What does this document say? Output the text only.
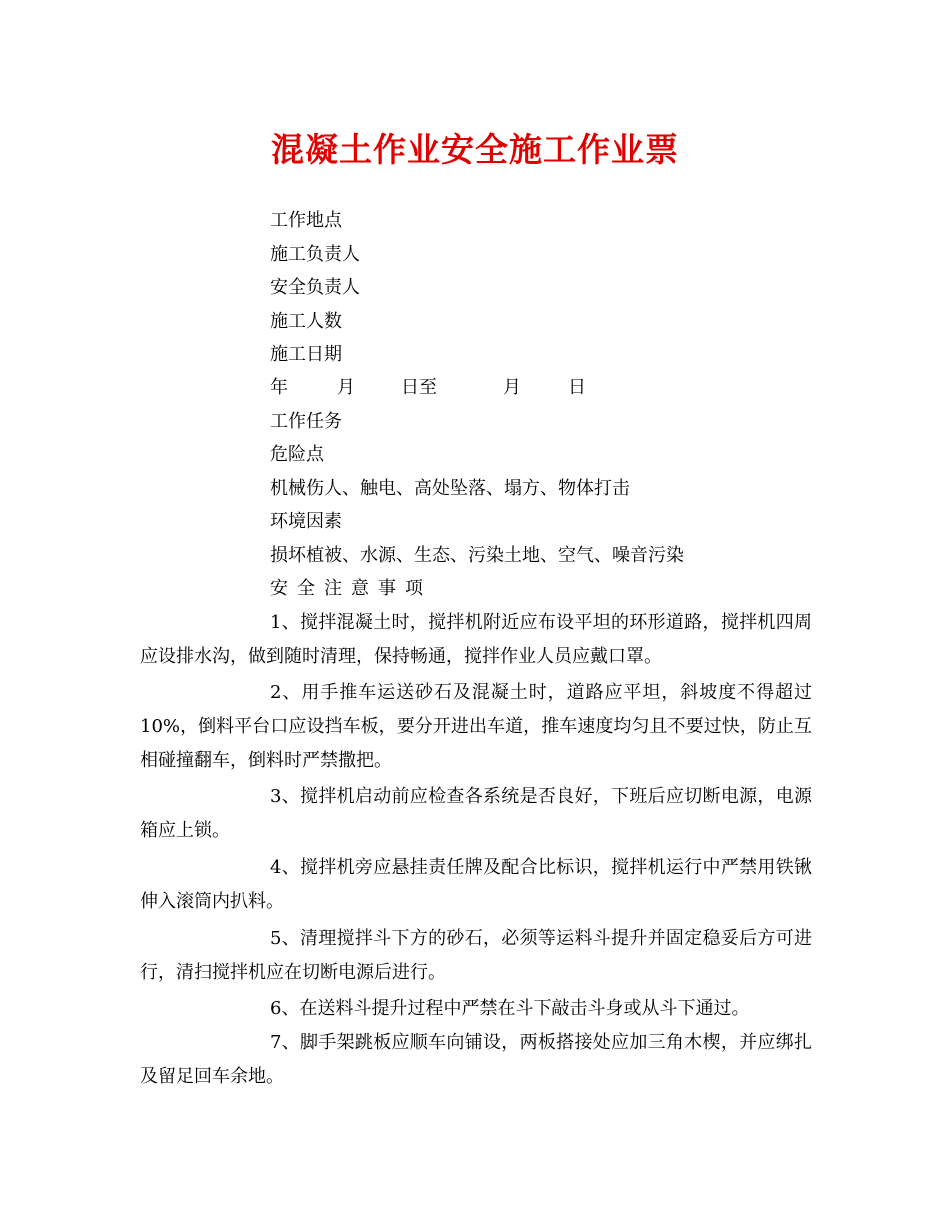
混凝土作业安全施工作业票
工作地点
施工负责人
安全负责人
施工人数
施工日期
年	月	日至	月	日
工作任务
危险点
机械伤人、触电、高处坠落、塌方、物体打击
环境因素
损坏植被、水源、生态、污染土地、空气、噪音污染
安全注意事项

1、搅拌混凝土时，搅拌机附近应布设平坦的环形道路，搅拌机四周应设排水沟，做到随时清理，保持畅通，搅拌作业人员应戴口罩。

2、用手推车运送砂石及混凝土时，道路应平坦，斜坡度不得超过10%，倒料平台口应设挡车板，要分开进出车道，推车速度均匀且不要过快，防止互相碰撞翻车，倒料时严禁撒把。

3、搅拌机启动前应检查各系统是否良好，下班后应切断电源，电源箱应上锁。

4、搅拌机旁应悬挂责任牌及配合比标识，搅拌机运行中严禁用铁锹伸入滚筒内扒料。

5、清理搅拌斗下方的砂石，必须等运料斗提升并固定稳妥后方可进行，清扫搅拌机应在切断电源后进行。

6、在送料斗提升过程中严禁在斗下敲击斗身或从斗下通过。

7、脚手架跳板应顺车向铺设，两板搭接处应加三角木楔，并应绑扎及留足回车余地。
